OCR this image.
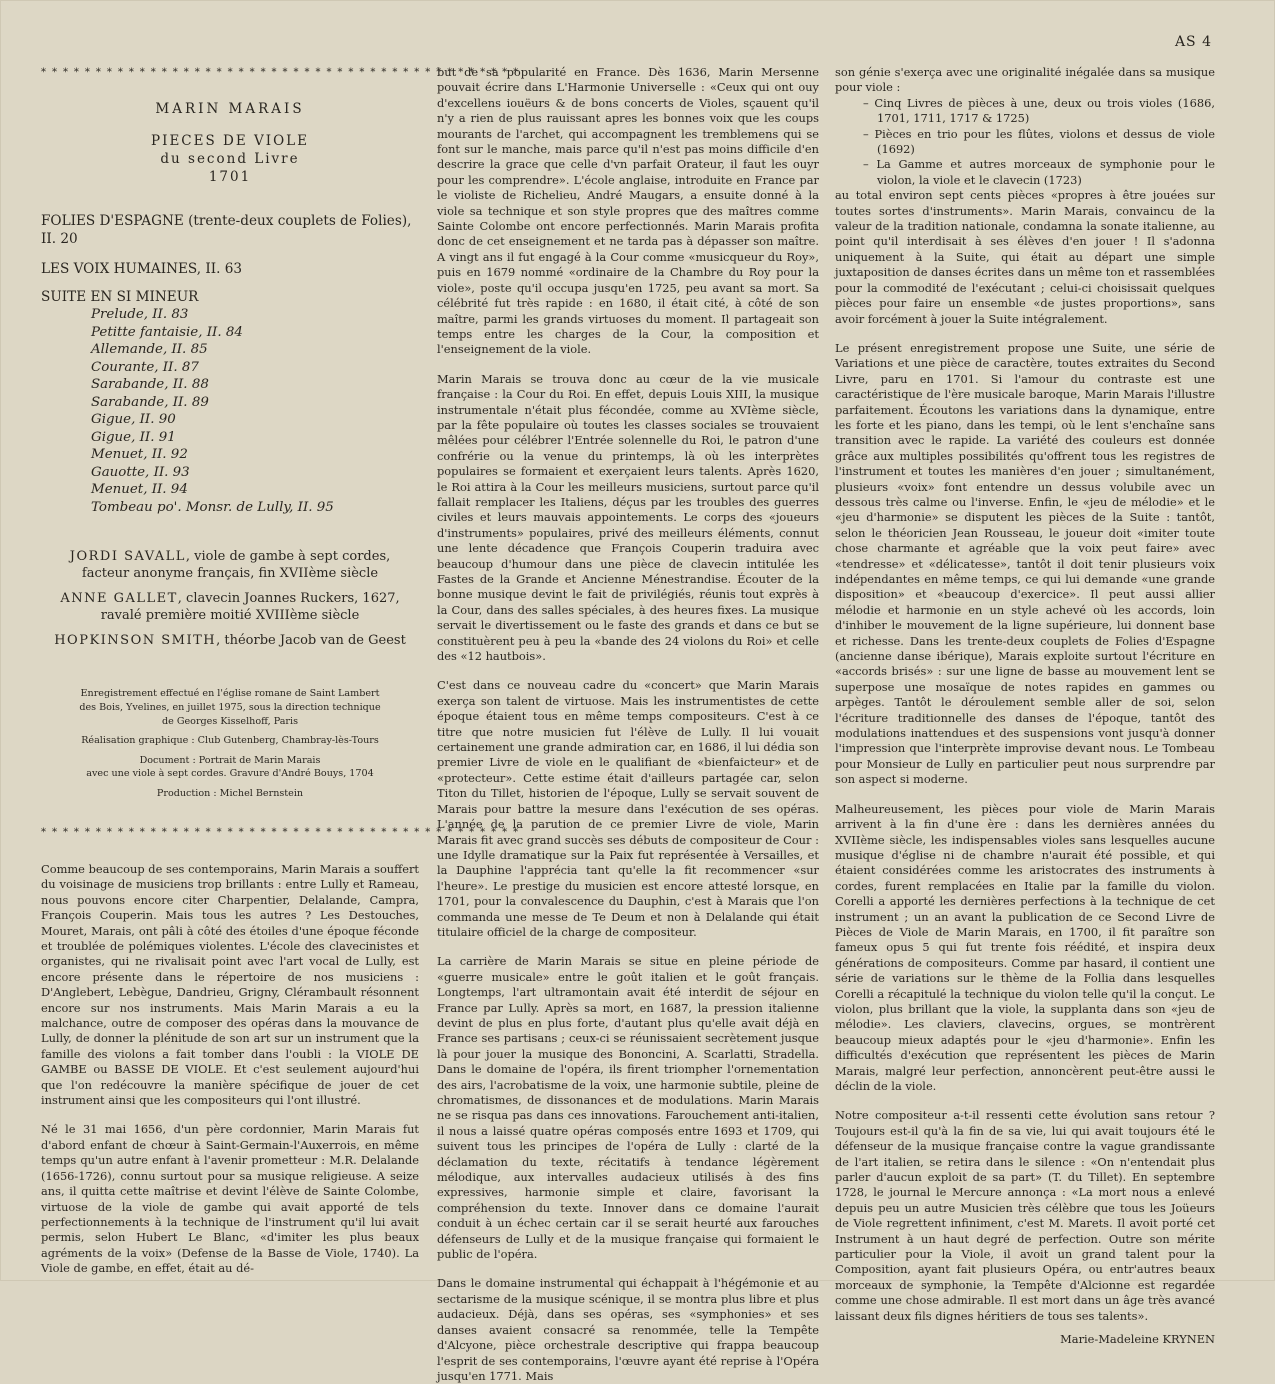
AS 4

* * * * * * * * * * * * * * * * * * * * * * * * * * * * * * * * * * * * * * * * * * * *

MARIN MARAIS
PIECES DE VIOLE
du second Livre
1701

FOLIES D'ESPAGNE (trente-deux couplets de Folies), II. 20

LES VOIX HUMAINES, II. 63

SUITE EN SI MINEUR

Prelude, II. 83

Petitte fantaisie, II. 84

Allemande, II. 85

Courante, II. 87

Sarabande, II. 88

Sarabande, II. 89

Gigue, II. 90

Gigue, II. 91

Menuet, II. 92

Gauotte, II. 93

Menuet, II. 94

Tombeau po'. Monsr. de Lully, II. 95

JORDI SAVALL, viole de gambe à sept cordes,

facteur anonyme français, fin XVIIème siècle

ANNE GALLET, clavecin Joannes Ruckers, 1627,

ravalé première moitié XVIIIème siècle

HOPKINSON SMITH, théorbe Jacob van de Geest

Enregistrement effectué en l'église romane de Saint Lambert

des Bois, Yvelines, en juillet 1975, sous la direction technique

de Georges Kisselhoff, Paris

Réalisation graphique : Club Gutenberg, Chambray-lès-Tours

Document : Portrait de Marin Marais

avec une viole à sept cordes. Gravure d'André Bouys, 1704

Production : Michel Bernstein

* * * * * * * * * * * * * * * * * * * * * * * * * * * * * * * * * * * * * * * * * * * *

Comme beaucoup de ses contemporains, Marin Marais a souffert du voisinage de musiciens trop brillants : entre Lully et Rameau, nous pouvons encore citer Charpentier, Delalande, Campra, François Couperin. Mais tous les autres ? Les Destouches, Mouret, Marais, ont pâli à côté des étoiles d'une époque féconde et troublée de polémiques violentes. L'école des clavecinistes et organistes, qui ne rivalisait point avec l'art vocal de Lully, est encore présente dans le répertoire de nos musiciens : D'Anglebert, Lebègue, Dandrieu, Grigny, Clérambault résonnent encore sur nos instruments. Mais Marin Marais a eu la malchance, outre de composer des opéras dans la mouvance de Lully, de donner la plénitude de son art sur un instrument que la famille des violons a fait tomber dans l'oubli : la VIOLE DE GAMBE ou BASSE DE VIOLE. Et c'est seulement aujourd'hui que l'on redécouvre la manière spécifique de jouer de cet instrument ainsi que les compositeurs qui l'ont illustré.

Né le 31 mai 1656, d'un père cordonnier, Marin Marais fut d'abord enfant de chœur à Saint-Germain-l'Auxerrois, en même temps qu'un autre enfant à l'avenir prometteur : M.R. Delalande (1656-1726), connu surtout pour sa musique religieuse. A seize ans, il quitta cette maîtrise et devint l'élève de Sainte Colombe, virtuose de la viole de gambe qui avait apporté de tels perfectionnements à la technique de l'instrument qu'il lui avait permis, selon Hubert Le Blanc, «d'imiter les plus beaux agréments de la voix» (Defense de la Basse de Viole, 1740). La Viole de gambe, en effet, était au dé-

but de sa popularité en France. Dès 1636, Marin Mersenne pouvait écrire dans L'Harmonie Universelle : «Ceux qui ont ouy d'excellens iouëurs & de bons concerts de Violes, sçauent qu'il n'y a rien de plus rauissant apres les bonnes voix que les coups mourants de l'archet, qui accompagnent les tremblemens qui se font sur le manche, mais parce qu'il n'est pas moins difficile d'en descrire la grace que celle d'vn parfait Orateur, il faut les ouyr pour les comprendre». L'école anglaise, introduite en France par le violiste de Richelieu, André Maugars, a ensuite donné à la viole sa technique et son style propres que des maîtres comme Sainte Colombe ont encore perfectionnés. Marin Marais profita donc de cet enseignement et ne tarda pas à dépasser son maître. A vingt ans il fut engagé à la Cour comme «musicqueur du Roy», puis en 1679 nommé «ordinaire de la Chambre du Roy pour la viole», poste qu'il occupa jusqu'en 1725, peu avant sa mort. Sa célébrité fut très rapide : en 1680, il était cité, à côté de son maître, parmi les grands virtuoses du moment. Il partageait son temps entre les charges de la Cour, la composition et l'enseignement de la viole.

Marin Marais se trouva donc au cœur de la vie musicale française : la Cour du Roi. En effet, depuis Louis XIII, la musique instrumentale n'était plus fécondée, comme au XVIème siècle, par la fête populaire où toutes les classes sociales se trouvaient mêlées pour célébrer l'Entrée solennelle du Roi, le patron d'une confrérie ou la venue du printemps, là où les interprètes populaires se formaient et exerçaient leurs talents. Après 1620, le Roi attira à la Cour les meilleurs musiciens, surtout parce qu'il fallait remplacer les Italiens, déçus par les troubles des guerres civiles et leurs mauvais appointements. Le corps des «joueurs d'instruments» populaires, privé des meilleurs éléments, connut une lente décadence que François Couperin traduira avec beaucoup d'humour dans une pièce de clavecin intitulée les Fastes de la Grande et Ancienne Ménestrandise. Écouter de la bonne musique devint le fait de privilégiés, réunis tout exprès à la Cour, dans des salles spéciales, à des heures fixes. La musique servait le divertissement ou le faste des grands et dans ce but se constituèrent peu à peu la «bande des 24 violons du Roi» et celle des «12 hautbois».

C'est dans ce nouveau cadre du «concert» que Marin Marais exerça son talent de virtuose. Mais les instrumentistes de cette époque étaient tous en même temps compositeurs. C'est à ce titre que notre musicien fut l'élève de Lully. Il lui vouait certainement une grande admiration car, en 1686, il lui dédia son premier Livre de viole en le qualifiant de «bienfaicteur» et de «protecteur». Cette estime était d'ailleurs partagée car, selon Titon du Tillet, historien de l'époque, Lully se servait souvent de Marais pour battre la mesure dans l'exécution de ses opéras. L'année de la parution de ce premier Livre de viole, Marin Marais fit avec grand succès ses débuts de compositeur de Cour : une Idylle dramatique sur la Paix fut représentée à Versailles, et la Dauphine l'apprécia tant qu'elle la fit recommencer «sur l'heure». Le prestige du musicien est encore attesté lorsque, en 1701, pour la convalescence du Dauphin, c'est à Marais que l'on commanda une messe de Te Deum et non à Delalande qui était titulaire officiel de la charge de compositeur.

La carrière de Marin Marais se situe en pleine période de «guerre musicale» entre le goût italien et le goût français. Longtemps, l'art ultramontain avait été interdit de séjour en France par Lully. Après sa mort, en 1687, la pression italienne devint de plus en plus forte, d'autant plus qu'elle avait déjà en France ses partisans ; ceux-ci se réunissaient secrètement jusque là pour jouer la musique des Bononcini, A. Scarlatti, Stradella. Dans le domaine de l'opéra, ils firent triompher l'ornementation des airs, l'acrobatisme de la voix, une harmonie subtile, pleine de chromatismes, de dissonances et de modulations. Marin Marais ne se risqua pas dans ces innovations. Farouchement anti-italien, il nous a laissé quatre opéras composés entre 1693 et 1709, qui suivent tous les principes de l'opéra de Lully : clarté de la déclamation du texte, récitatifs à tendance légèrement mélodique, aux intervalles audacieux utilisés à des fins expressives, harmonie simple et claire, favorisant la compréhension du texte. Innover dans ce domaine l'aurait conduit à un échec certain car il se serait heurté aux farouches défenseurs de Lully et de la musique française qui formaient le public de l'opéra.

Dans le domaine instrumental qui échappait à l'hégémonie et au sectarisme de la musique scénique, il se montra plus libre et plus audacieux. Déjà, dans ses opéras, ses «symphonies» et ses danses avaient consacré sa renommée, telle la Tempête d'Alcyone, pièce orchestrale descriptive qui frappa beaucoup l'esprit de ses contemporains, l'œuvre ayant été reprise à l'Opéra jusqu'en 1771. Mais

son génie s'exerça avec une originalité inégalée dans sa musique pour viole :

– Cinq Livres de pièces à une, deux ou trois violes (1686, 1701, 1711, 1717 & 1725)
– Pièces en trio pour les flûtes, violons et dessus de viole (1692)
– La Gamme et autres morceaux de symphonie pour le violon, la viole et le clavecin (1723)

au total environ sept cents pièces «propres à être jouées sur toutes sortes d'instruments». Marin Marais, convaincu de la valeur de la tradition nationale, condamna la sonate italienne, au point qu'il interdisait à ses élèves d'en jouer ! Il s'adonna uniquement à la Suite, qui était au départ une simple juxtaposition de danses écrites dans un même ton et rassemblées pour la commodité de l'exécutant ; celui-ci choisissait quelques pièces pour faire un ensemble «de justes proportions», sans avoir forcément à jouer la Suite intégralement.

Le présent enregistrement propose une Suite, une série de Variations et une pièce de caractère, toutes extraites du Second Livre, paru en 1701. Si l'amour du contraste est une caractéristique de l'ère musicale baroque, Marin Marais l'illustre parfaitement. Écoutons les variations dans la dynamique, entre les forte et les piano, dans les tempi, où le lent s'enchaîne sans transition avec le rapide. La variété des couleurs est donnée grâce aux multiples possibilités qu'offrent tous les registres de l'instrument et toutes les manières d'en jouer ; simultanément, plusieurs «voix» font entendre un dessus volubile avec un dessous très calme ou l'inverse. Enfin, le «jeu de mélodie» et le «jeu d'harmonie» se disputent les pièces de la Suite : tantôt, selon le théoricien Jean Rousseau, le joueur doit «imiter toute chose charmante et agréable que la voix peut faire» avec «tendresse» et «délicatesse», tantôt il doit tenir plusieurs voix indépendantes en même temps, ce qui lui demande «une grande disposition» et «beaucoup d'exercice». Il peut aussi allier mélodie et harmonie en un style achevé où les accords, loin d'inhiber le mouvement de la ligne supérieure, lui donnent base et richesse. Dans les trente-deux couplets de Folies d'Espagne (ancienne danse ibérique), Marais exploite surtout l'écriture en «accords brisés» : sur une ligne de basse au mouvement lent se superpose une mosaïque de notes rapides en gammes ou arpèges. Tantôt le déroulement semble aller de soi, selon l'écriture traditionnelle des danses de l'époque, tantôt des modulations inattendues et des suspensions vont jusqu'à donner l'impression que l'interprète improvise devant nous. Le Tombeau pour Monsieur de Lully en particulier peut nous surprendre par son aspect si moderne.

Malheureusement, les pièces pour viole de Marin Marais arrivent à la fin d'une ère : dans les dernières années du XVIIème siècle, les indispensables violes sans lesquelles aucune musique d'église ni de chambre n'aurait été possible, et qui étaient considérées comme les aristocrates des instruments à cordes, furent remplacées en Italie par la famille du violon. Corelli a apporté les dernières perfections à la technique de cet instrument ; un an avant la publication de ce Second Livre de Pièces de Viole de Marin Marais, en 1700, il fit paraître son fameux opus 5 qui fut trente fois réédité, et inspira deux générations de compositeurs. Comme par hasard, il contient une série de variations sur le thème de la Follia dans lesquelles Corelli a récapitulé la technique du violon telle qu'il la conçut. Le violon, plus brillant que la viole, la supplanta dans son «jeu de mélodie». Les claviers, clavecins, orgues, se montrèrent beaucoup mieux adaptés pour le «jeu d'harmonie». Enfin les difficultés d'exécution que représentent les pièces de Marin Marais, malgré leur perfection, annoncèrent peut-être aussi le déclin de la viole.

Notre compositeur a-t-il ressenti cette évolution sans retour ? Toujours est-il qu'à la fin de sa vie, lui qui avait toujours été le défenseur de la musique française contre la vague grandissante de l'art italien, se retira dans le silence : «On n'entendait plus parler d'aucun exploit de sa part» (T. du Tillet). En septembre 1728, le journal le Mercure annonça : «La mort nous a enlevé depuis peu un autre Musicien très célèbre que tous les Joüeurs de Viole regrettent infiniment, c'est M. Marets. Il avoit porté cet Instrument à un haut degré de perfection. Outre son mérite particulier pour la Viole, il avoit un grand talent pour la Composition, ayant fait plusieurs Opéra, ou entr'autres beaux morceaux de symphonie, la Tempête d'Alcionne est regardée comme une chose admirable. Il est mort dans un âge très avancé laissant deux fils dignes héritiers de tous ses talents».

Marie-Madeleine KRYNEN
